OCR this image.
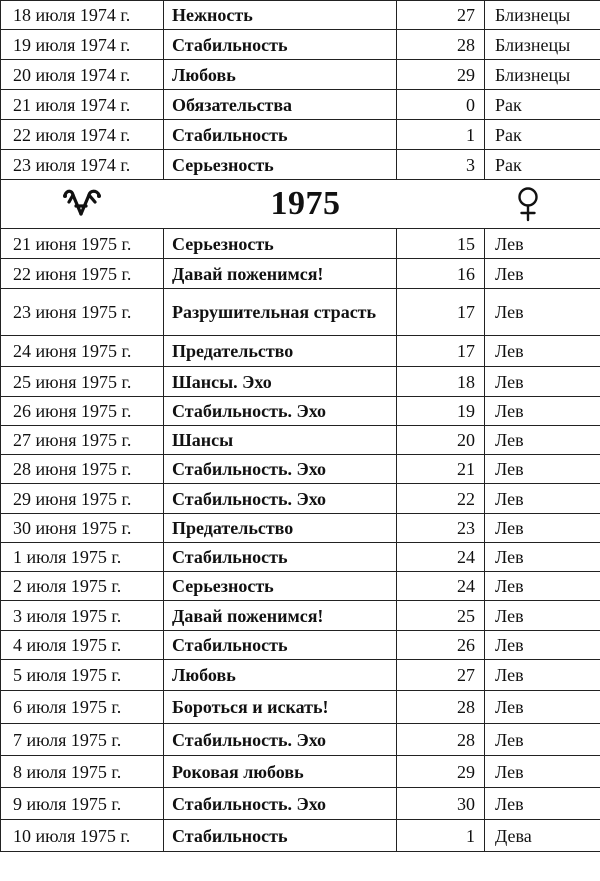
18 июля 1974 г.	Нежность	27	Близнецы
19 июля 1974 г.	Стабильность	28	Близнецы
20 июля 1974 г.	Любовь	29	Близнецы
21 июля 1974 г.	Обязательства	0	Рак
22 июля 1974 г.	Стабильность	1	Рак
23 июля 1974 г.	Серьезность	3	Рак

1975			

21 июня 1975 г.	Серьезность	15	Лев
22 июня 1975 г.	Давай поженимся!	16	Лев
23 июня 1975 г.	Разрушительная страсть	17	Лев
24 июня 1975 г.	Предательство	17	Лев
25 июня 1975 г.	Шансы. Эхо	18	Лев
26 июня 1975 г.	Стабильность. Эхо	19	Лев
27 июня 1975 г.	Шансы	20	Лев
28 июня 1975 г.	Стабильность. Эхо	21	Лев
29 июня 1975 г.	Стабильность. Эхо	22	Лев
30 июня 1975 г.	Предательство	23	Лев
1 июля 1975 г.	Стабильность	24	Лев
2 июля 1975 г.	Серьезность	24	Лев
3 июля 1975 г.	Давай поженимся!	25	Лев
4 июля 1975 г.	Стабильность	26	Лев
5 июля 1975 г.	Любовь	27	Лев
6 июля 1975 г.	Бороться и искать!	28	Лев
7 июля 1975 г.	Стабильность. Эхо	28	Лев
8 июля 1975 г.	Роковая любовь	29	Лев
9 июля 1975 г.	Стабильность. Эхо	30	Лев
10 июля 1975 г.	Стабильность	1	Дева
